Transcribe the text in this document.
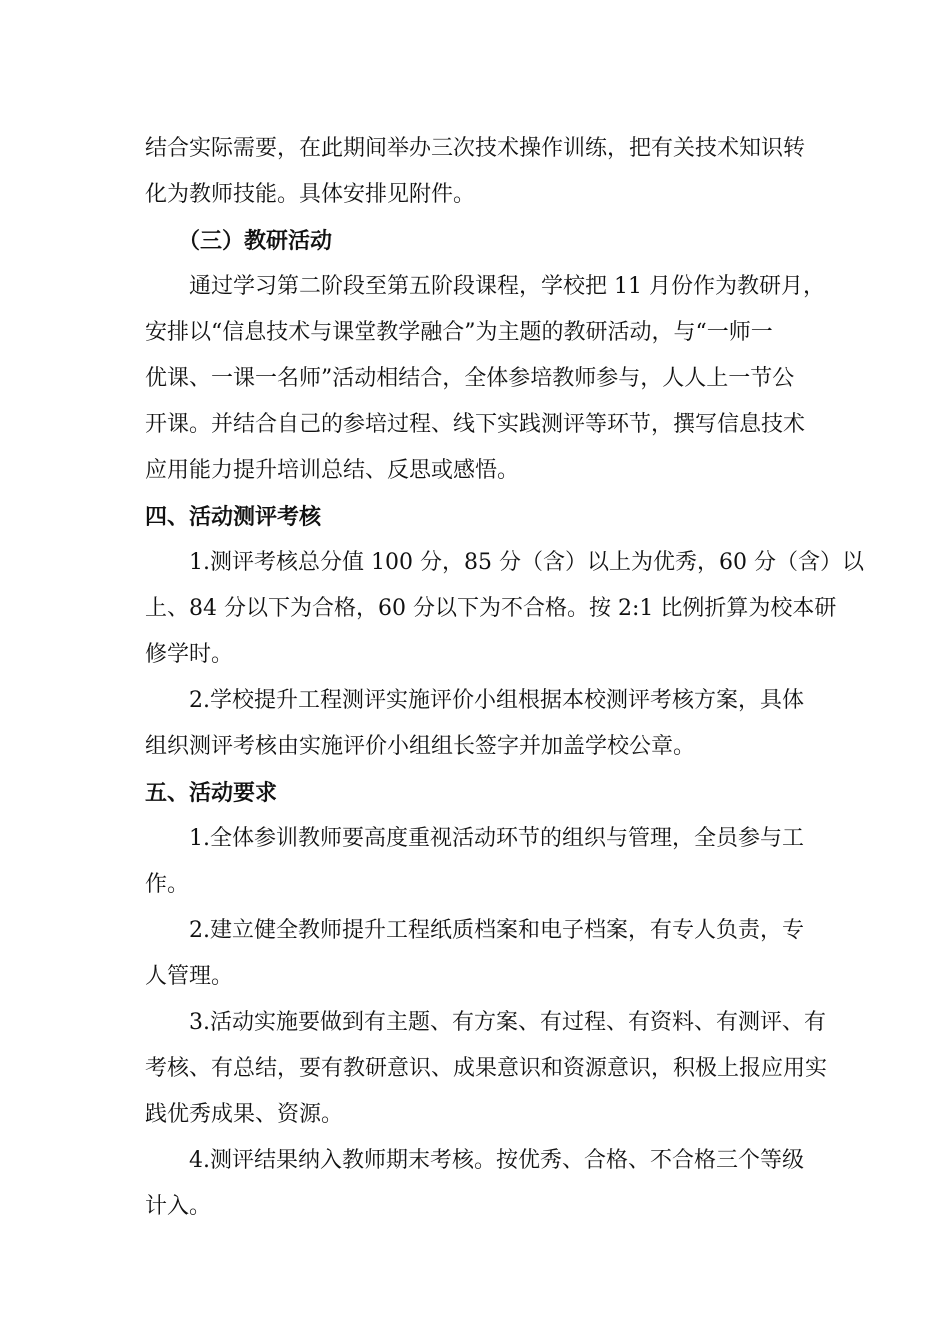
结合实际需要，在此期间举办三次技术操作训练，把有关技术知识转

化为教师技能。具体安排见附件。

（三）教研活动

通过学习第二阶段至第五阶段课程，学校把 11 月份作为教研月，

安排以“信息技术与课堂教学融合”为主题的教研活动，与“一师一

优课、一课一名师”活动相结合，全体参培教师参与，人人上一节公

开课。并结合自己的参培过程、线下实践测评等环节，撰写信息技术

应用能力提升培训总结、反思或感悟。

四、活动测评考核

1.测评考核总分值 100 分，85 分（含）以上为优秀，60 分（含）以

上、84 分以下为合格，60 分以下为不合格。按 2:1 比例折算为校本研

修学时。

2.学校提升工程测评实施评价小组根据本校测评考核方案，具体

组织测评考核由实施评价小组组长签字并加盖学校公章。

五、活动要求

1.全体参训教师要高度重视活动环节的组织与管理，全员参与工

作。

2.建立健全教师提升工程纸质档案和电子档案，有专人负责，专

人管理。

3.活动实施要做到有主题、有方案、有过程、有资料、有测评、有

考核、有总结，要有教研意识、成果意识和资源意识，积极上报应用实

践优秀成果、资源。

4.测评结果纳入教师期末考核。按优秀、合格、不合格三个等级

计入。
